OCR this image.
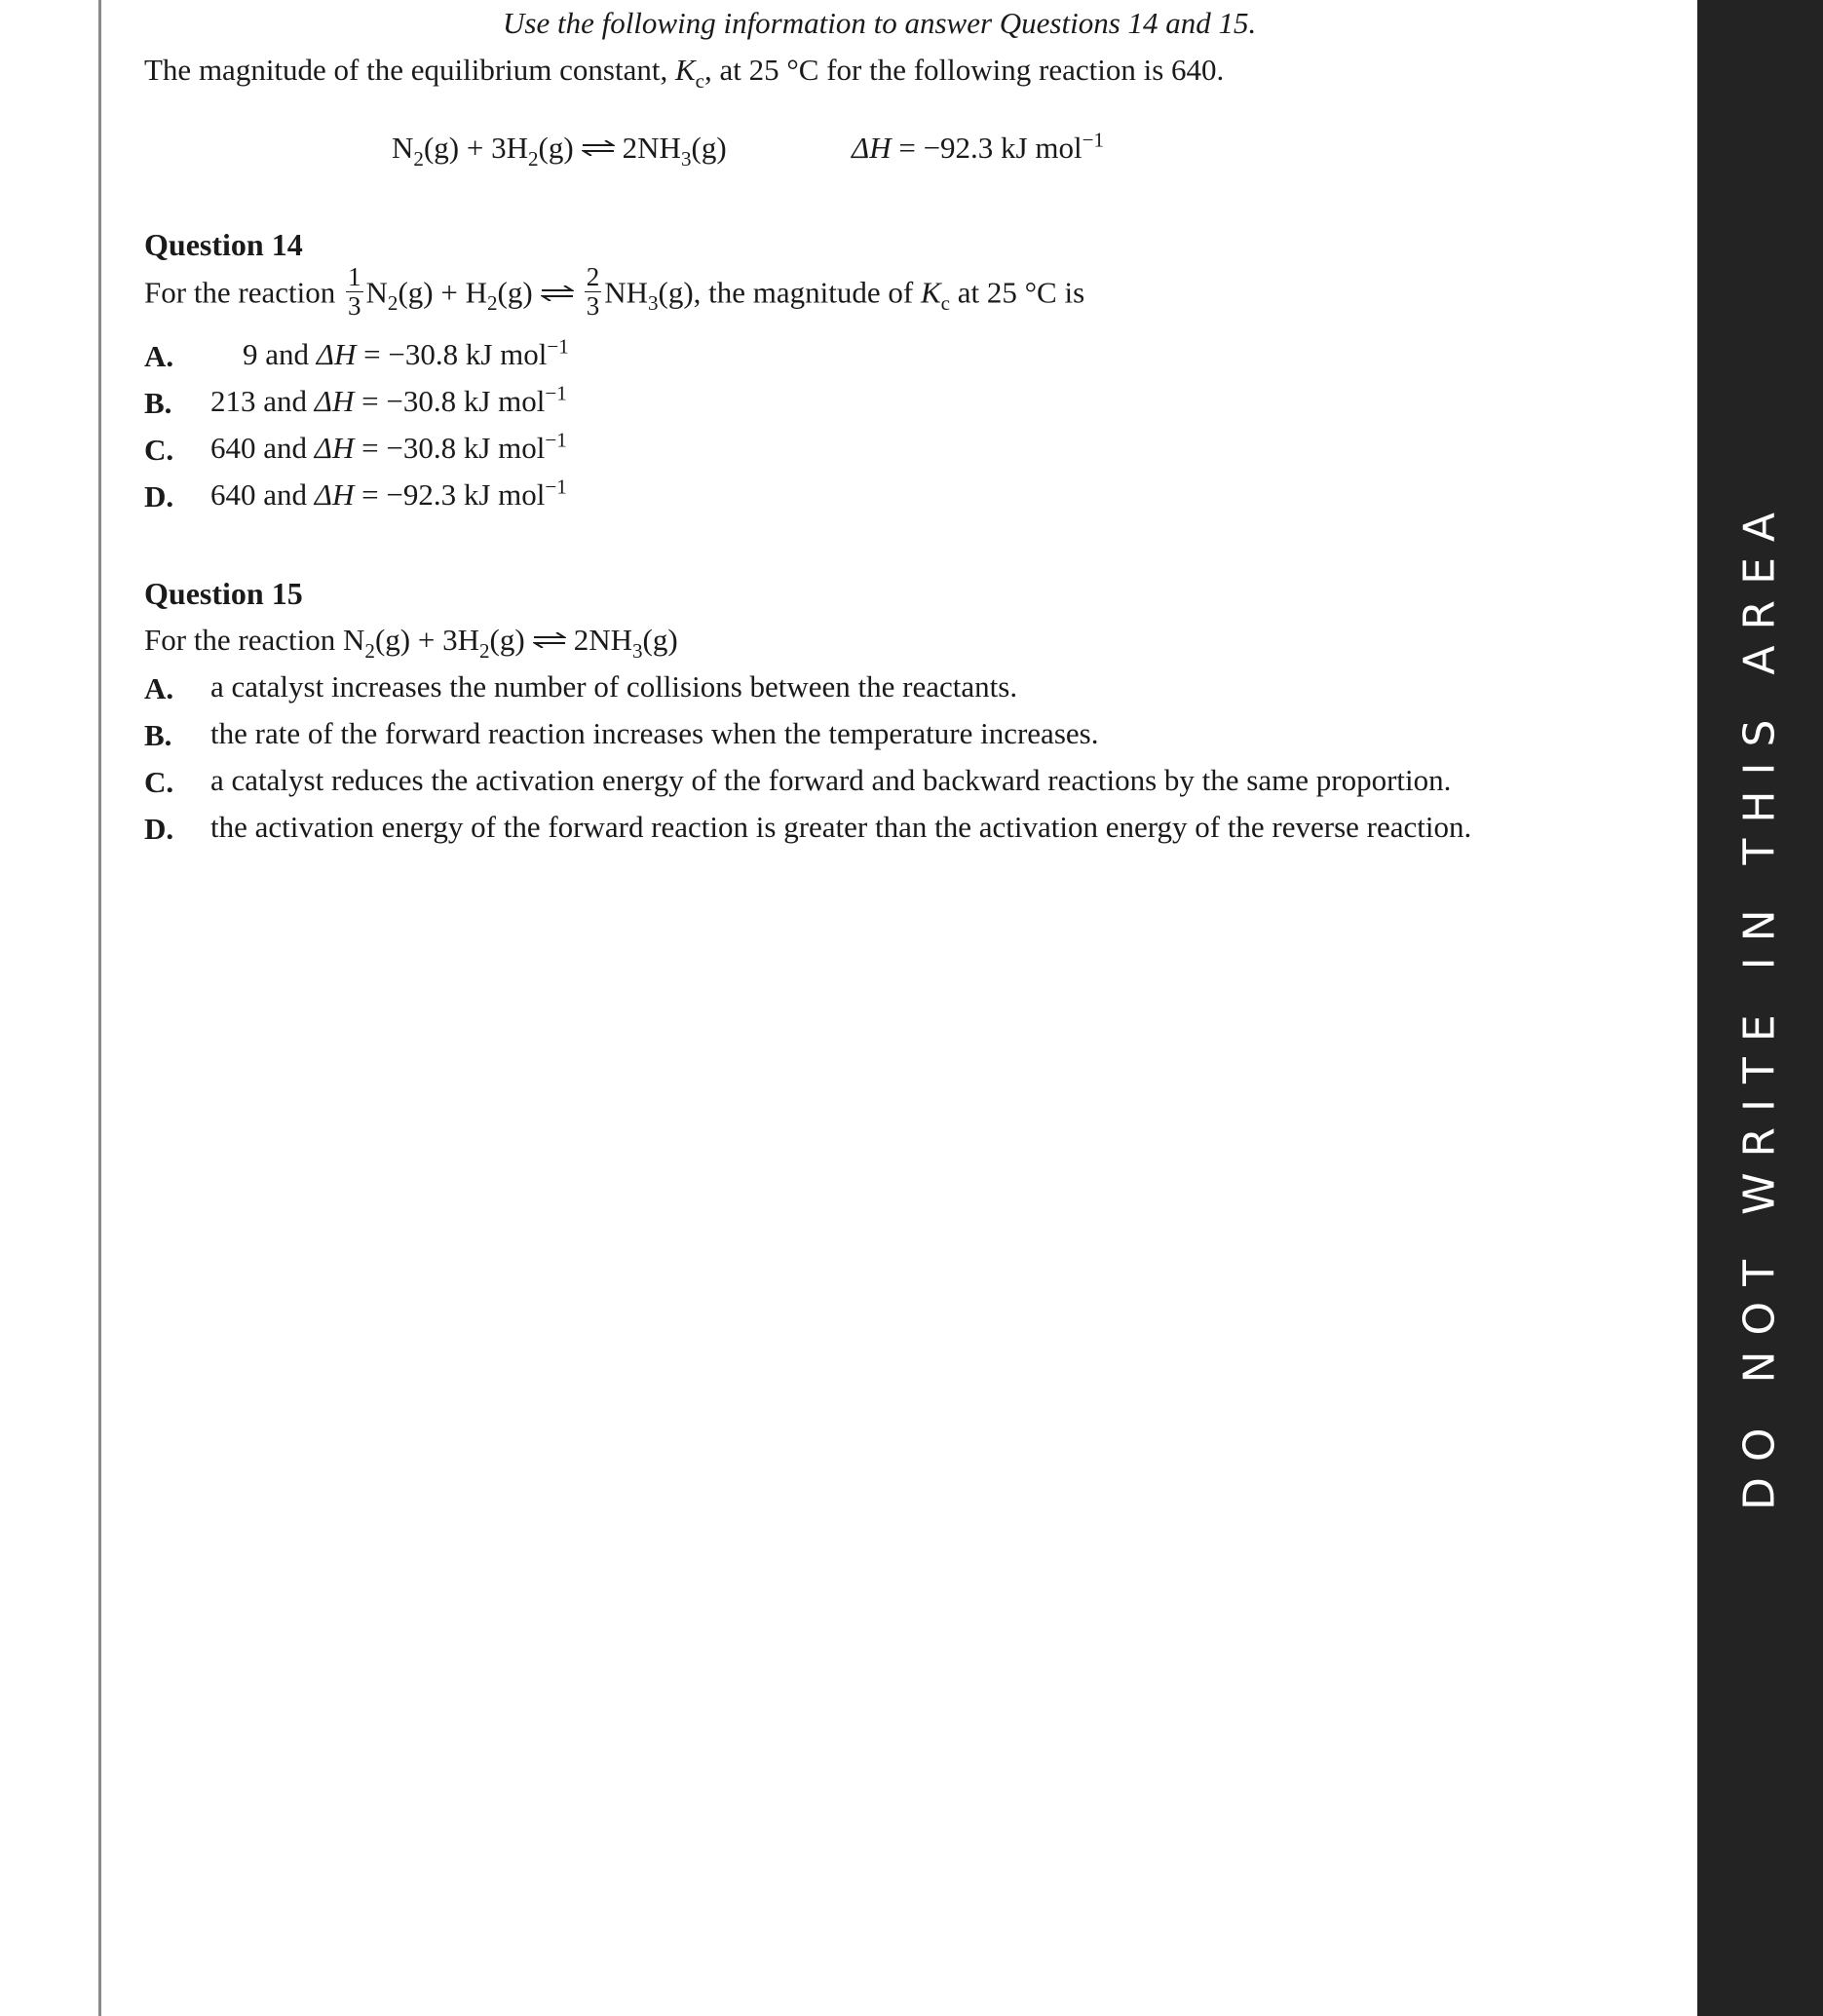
DO NOT WRITE IN THIS AREA
Use the following information to answer Questions 14 and 15.
The magnitude of the equilibrium constant, $K_c$, at 25 °C for the following reaction is 640.
$N_2(g) + 3H_2(g)$ ⇌ $2NH_3(g)$	ΔH = −92.3 kJ mol$^{-1}$
Question 14
For the reaction $\frac{1}{3} N_2(g) + H_2(g)$ ⇌ $\frac{2}{3} NH_3(g)$, the magnitude of $K_c$ at 25 °C is
A. 9 and ΔH = −30.8 kJ mol$^{-1}$
B. 213 and ΔH = −30.8 kJ mol$^{-1}$
C. 640 and ΔH = −30.8 kJ mol$^{-1}$
D. 640 and ΔH = −92.3 kJ mol$^{-1}$
Question 15
For the reaction $N_2(g) + 3H_2(g)$ ⇌ $2NH_3(g)$
A. a catalyst increases the number of collisions between the reactants.
B. the rate of the forward reaction increases when the temperature increases.
C. a catalyst reduces the activation energy of the forward and backward reactions by the same proportion.
D. the activation energy of the forward reaction is greater than the activation energy of the reverse reaction.
